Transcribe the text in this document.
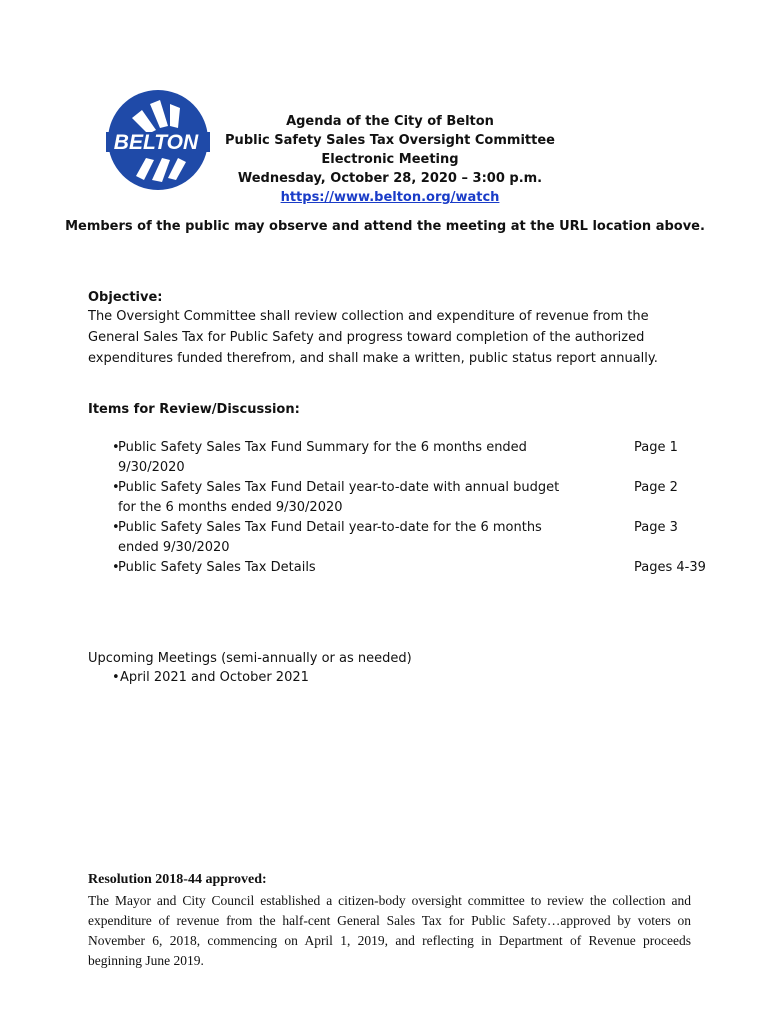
BELTON
Agenda of the City of Belton
Public Safety Sales Tax Oversight Committee
Electronic Meeting
Wednesday, October 28, 2020 – 3:00 p.m.
https://www.belton.org/watch
Members of the public may observe and attend the meeting at the URL location above.
Objective:
The Oversight Committee shall review collection and expenditure of revenue from the General Sales Tax for Public Safety and progress toward completion of the authorized expenditures funded therefrom, and shall make a written, public status report annually.
Items for Review/Discussion:
•
Public Safety Sales Tax Fund Summary for the 6 months ended 9/30/2020
Page 1
•
Public Safety Sales Tax Fund Detail year-to-date with annual budget for the 6 months ended 9/30/2020
Page 2
•
Public Safety Sales Tax Fund Detail year-to-date for the 6 months ended 9/30/2020
Page 3
•
Public Safety Sales Tax Details	Pages 4-39
Upcoming Meetings (semi-annually or as needed)
• April 2021 and October 2021
Resolution 2018-44 approved:
The Mayor and City Council established a citizen-body oversight committee to review the collection and expenditure of revenue from the half-cent General Sales Tax for Public Safety…approved by voters on November 6, 2018, commencing on April 1, 2019, and reflecting in Department of Revenue proceeds beginning June 2019.
